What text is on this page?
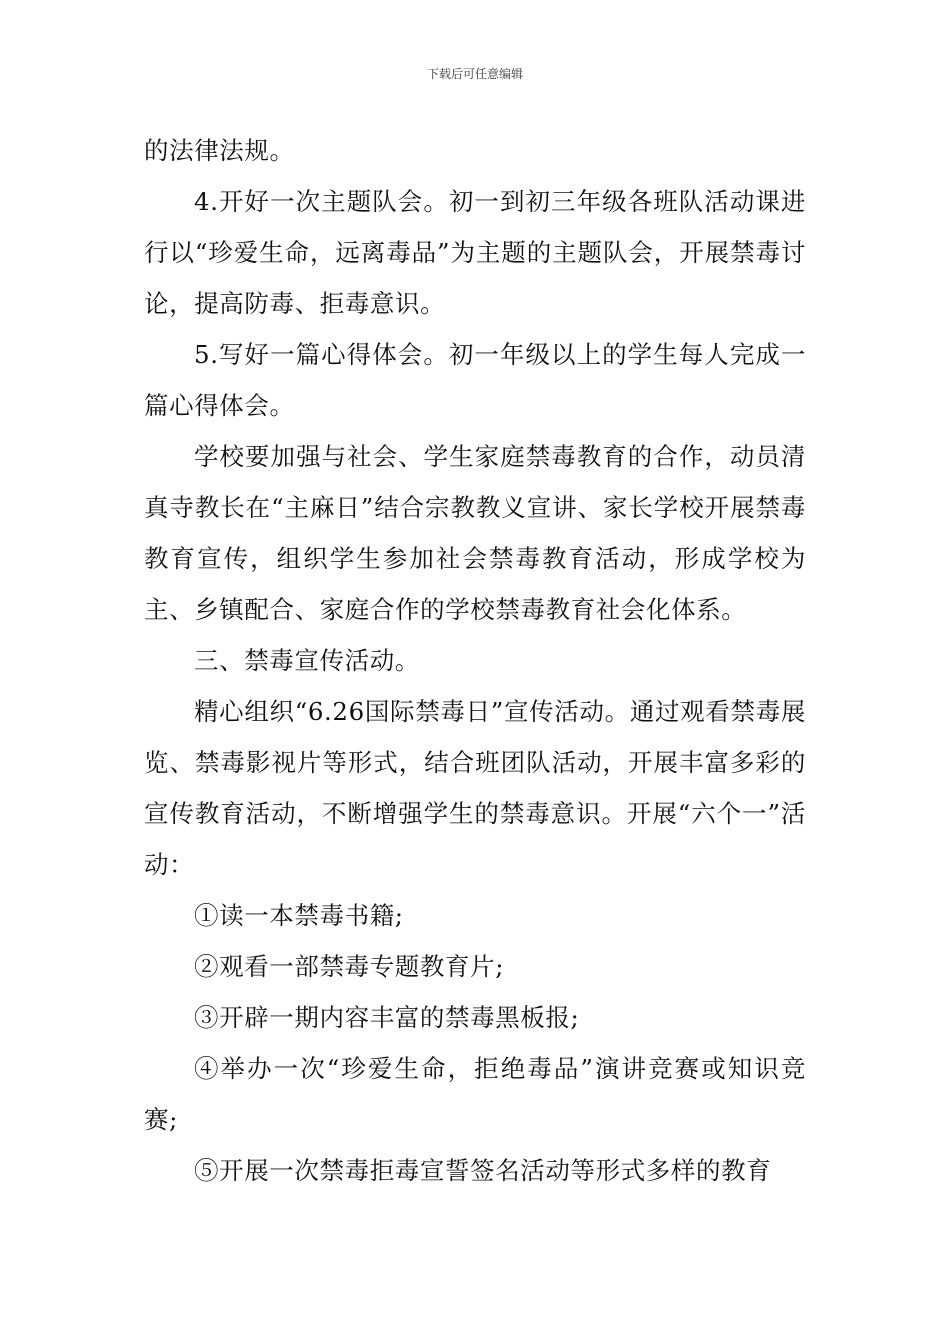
下载后可任意编辑

的法律法规。

4.开好一次主题队会。初一到初三年级各班队活动课进行以“珍爱生命，远离毒品”为主题的主题队会，开展禁毒讨论，提高防毒、拒毒意识。

5.写好一篇心得体会。初一年级以上的学生每人完成一篇心得体会。

学校要加强与社会、学生家庭禁毒教育的合作，动员清真寺教长在“主麻日”结合宗教教义宣讲、家长学校开展禁毒教育宣传，组织学生参加社会禁毒教育活动，形成学校为主、乡镇配合、家庭合作的学校禁毒教育社会化体系。

三、禁毒宣传活动。

精心组织“6.26国际禁毒日”宣传活动。通过观看禁毒展览、禁毒影视片等形式，结合班团队活动，开展丰富多彩的宣传教育活动，不断增强学生的禁毒意识。开展“六个一”活动：

①读一本禁毒书籍;

②观看一部禁毒专题教育片;

③开辟一期内容丰富的禁毒黑板报;

④举办一次“珍爱生命，拒绝毒品”演讲竞赛或知识竞赛;

⑤开展一次禁毒拒毒宣誓签名活动等形式多样的教育
